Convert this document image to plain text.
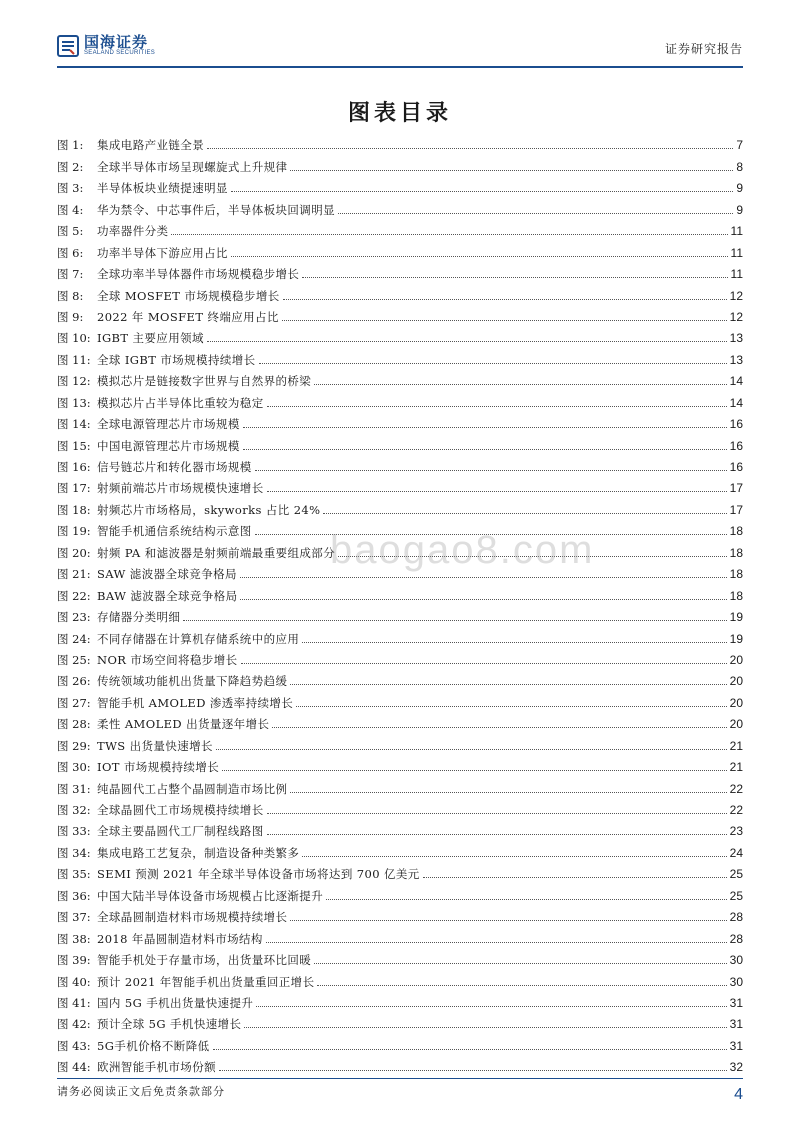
国海证券
SEALAND SECURITIES	证券研究报告
图表目录
图 1:	集成电路产业链全景	7
图 2:	全球半导体市场呈现螺旋式上升规律	8
图 3:	半导体板块业绩提速明显	9
图 4:	华为禁令、中芯事件后，半导体板块回调明显	9
图 5:	功率器件分类	11
图 6:	功率半导体下游应用占比	11
图 7:	全球功率半导体器件市场规模稳步增长	11
图 8:	全球 MOSFET 市场规模稳步增长	12
图 9:	2022 年 MOSFET 终端应用占比	12
图 10: IGBT 主要应用领域	13
图 11: 全球 IGBT 市场规模持续增长	13
图 12: 模拟芯片是链接数字世界与自然界的桥梁	14
图 13: 模拟芯片占半导体比重较为稳定	14
图 14: 全球电源管理芯片市场规模	16
图 15: 中国电源管理芯片市场规模	16
图 16: 信号链芯片和转化器市场规模	16
图 17: 射频前端芯片市场规模快速增长	17
图 18: 射频芯片市场格局，skyworks 占比 24%	17
图 19: 智能手机通信系统结构示意图	18
图 20: 射频 PA 和滤波器是射频前端最重要组成部分	18
图 21: SAW 滤波器全球竞争格局	18
图 22: BAW 滤波器全球竞争格局	18
图 23: 存储器分类明细	19
图 24: 不同存储器在计算机存储系统中的应用	19
图 25: NOR 市场空间将稳步增长	20
图 26: 传统领域功能机出货量下降趋势趋缓	20
图 27: 智能手机 AMOLED 渗透率持续增长	20
图 28: 柔性 AMOLED 出货量逐年增长	20
图 29: TWS 出货量快速增长	21
图 30: IOT 市场规模持续增长	21
图 31: 纯晶圆代工占整个晶圆制造市场比例	22
图 32: 全球晶圆代工市场规模持续增长	22
图 33: 全球主要晶圆代工厂制程线路图	23
图 34: 集成电路工艺复杂，制造设备种类繁多	24
图 35: SEMI 预测 2021 年全球半导体设备市场将达到 700 亿美元	25
图 36: 中国大陆半导体设备市场规模占比逐渐提升	25
图 37: 全球晶圆制造材料市场规模持续增长	28
图 38: 2018 年晶圆制造材料市场结构	28
图 39: 智能手机处于存量市场，出货量环比回暖	30
图 40: 预计 2021 年智能手机出货量重回正增长	30
图 41: 国内 5G 手机出货量快速提升	31
图 42: 预计全球 5G 手机快速增长	31
图 43: 5G手机价格不断降低	31
图 44: 欧洲智能手机市场份额	32
baogao8.com
请务必阅读正文后免责条款部分	4
